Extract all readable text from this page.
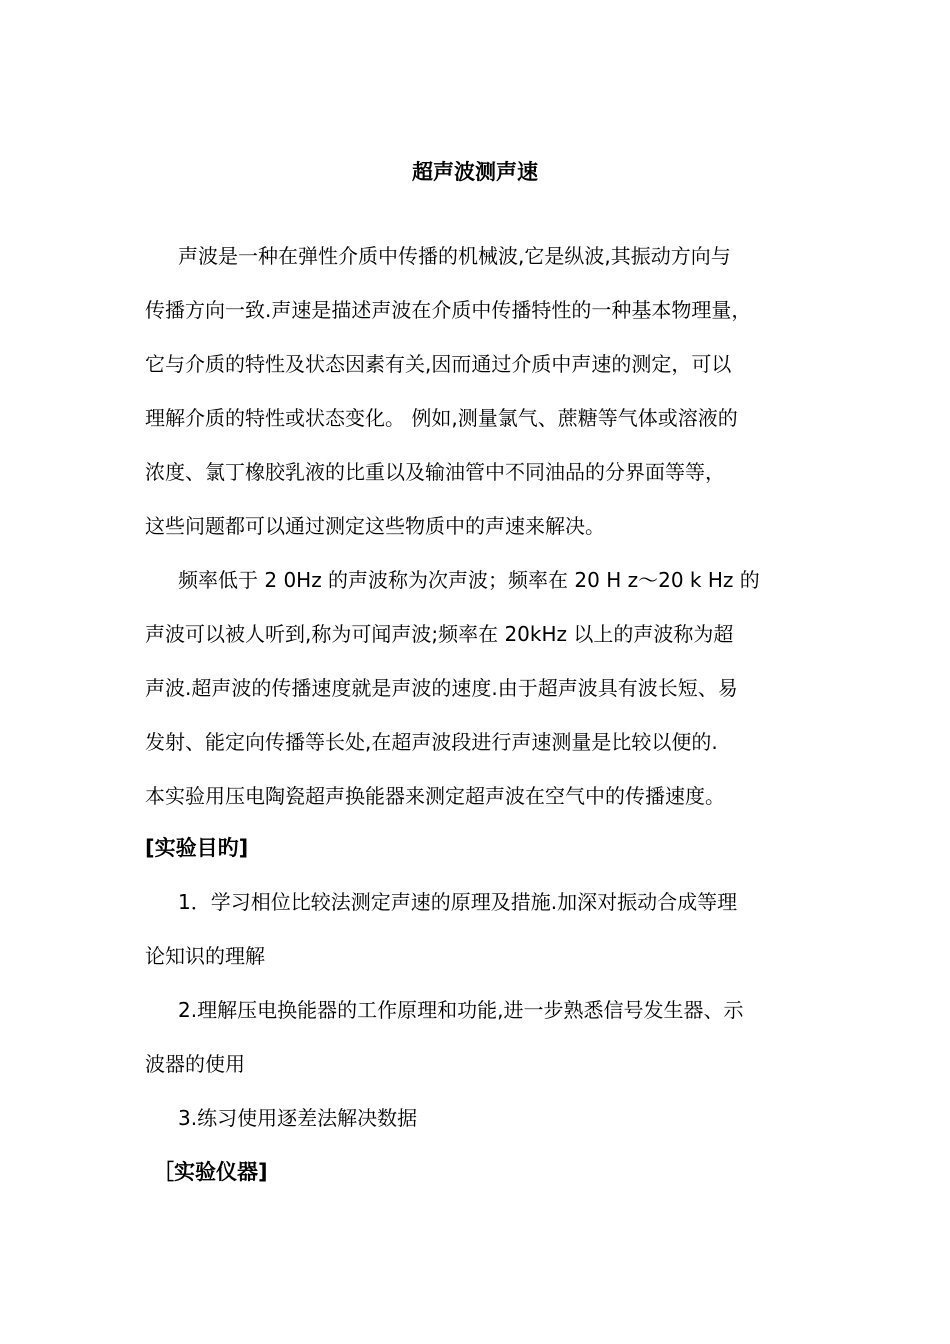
超声波测声速
声波是一种在弹性介质中传播的机械波,它是纵波,其振动方向与
传播方向一致.声速是描述声波在介质中传播特性的一种基本物理量，
它与介质的特性及状态因素有关,因而通过介质中声速的测定，可以
理解介质的特性或状态变化。 例如,测量氯气、蔗糖等气体或溶液的
浓度、氯丁橡胶乳液的比重以及输油管中不同油品的分界面等等，
这些问题都可以通过测定这些物质中的声速来解决。
频率低于 2 0Hz 的声波称为次声波；频率在 20 H z～20 k Hz 的
声波可以被人听到,称为可闻声波;频率在 20kHz 以上的声波称为超
声波.超声波的传播速度就是声波的速度.由于超声波具有波长短、易
发射、能定向传播等长处,在超声波段进行声速测量是比较以便的.
本实验用压电陶瓷超声换能器来测定超声波在空气中的传播速度。
[实验目旳]
1．学习相位比较法测定声速的原理及措施.加深对振动合成等理
论知识的理解
2.理解压电换能器的工作原理和功能,进一步熟悉信号发生器、示
波器的使用
3.练习使用逐差法解决数据
［实验仪器]
